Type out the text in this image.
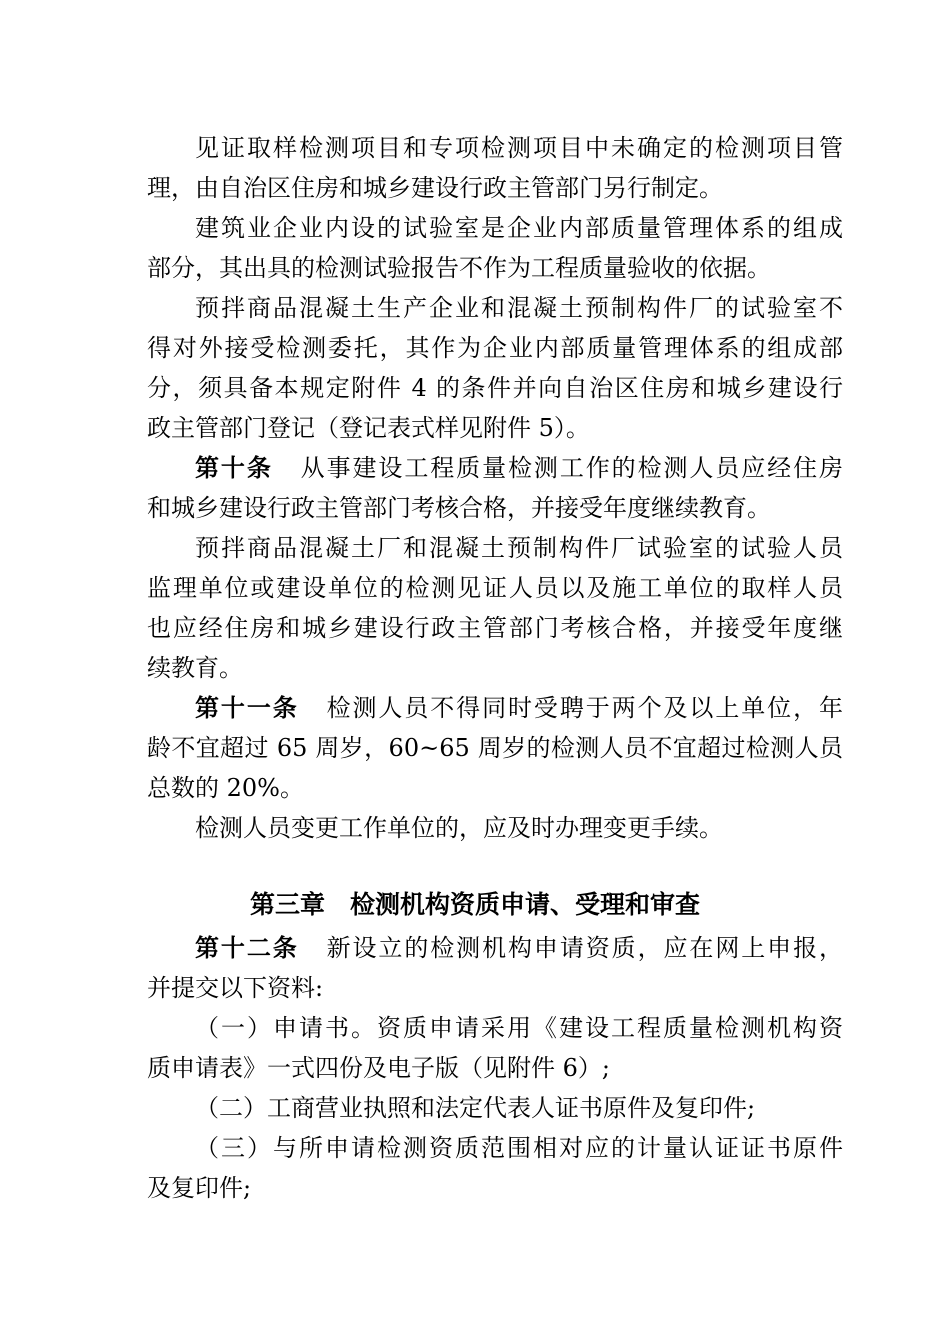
见证取样检测项目和专项检测项目中未确定的检测项目管
理，由自治区住房和城乡建设行政主管部门另行制定。
建筑业企业内设的试验室是企业内部质量管理体系的组成
部分，其出具的检测试验报告不作为工程质量验收的依据。
预拌商品混凝土生产企业和混凝土预制构件厂的试验室不
得对外接受检测委托，其作为企业内部质量管理体系的组成部
分，须具备本规定附件 4 的条件并向自治区住房和城乡建设行
政主管部门登记（登记表式样见附件 5）。
第十条 从事建设工程质量检测工作的检测人员应经住房
和城乡建设行政主管部门考核合格，并接受年度继续教育。
预拌商品混凝土厂和混凝土预制构件厂试验室的试验人员
监理单位或建设单位的检测见证人员以及施工单位的取样人员
也应经住房和城乡建设行政主管部门考核合格，并接受年度继
续教育。
第十一条 检测人员不得同时受聘于两个及以上单位，年
龄不宜超过 65 周岁，60~65 周岁的检测人员不宜超过检测人员
总数的 20%。
检测人员变更工作单位的，应及时办理变更手续。
第三章　检测机构资质申请、受理和审查
第十二条 新设立的检测机构申请资质，应在网上申报，
并提交以下资料:
（一）申请书。资质申请采用《建设工程质量检测机构资
质申请表》一式四份及电子版（见附件 6）;
（二）工商营业执照和法定代表人证书原件及复印件;
（三）与所申请检测资质范围相对应的计量认证证书原件
及复印件;
